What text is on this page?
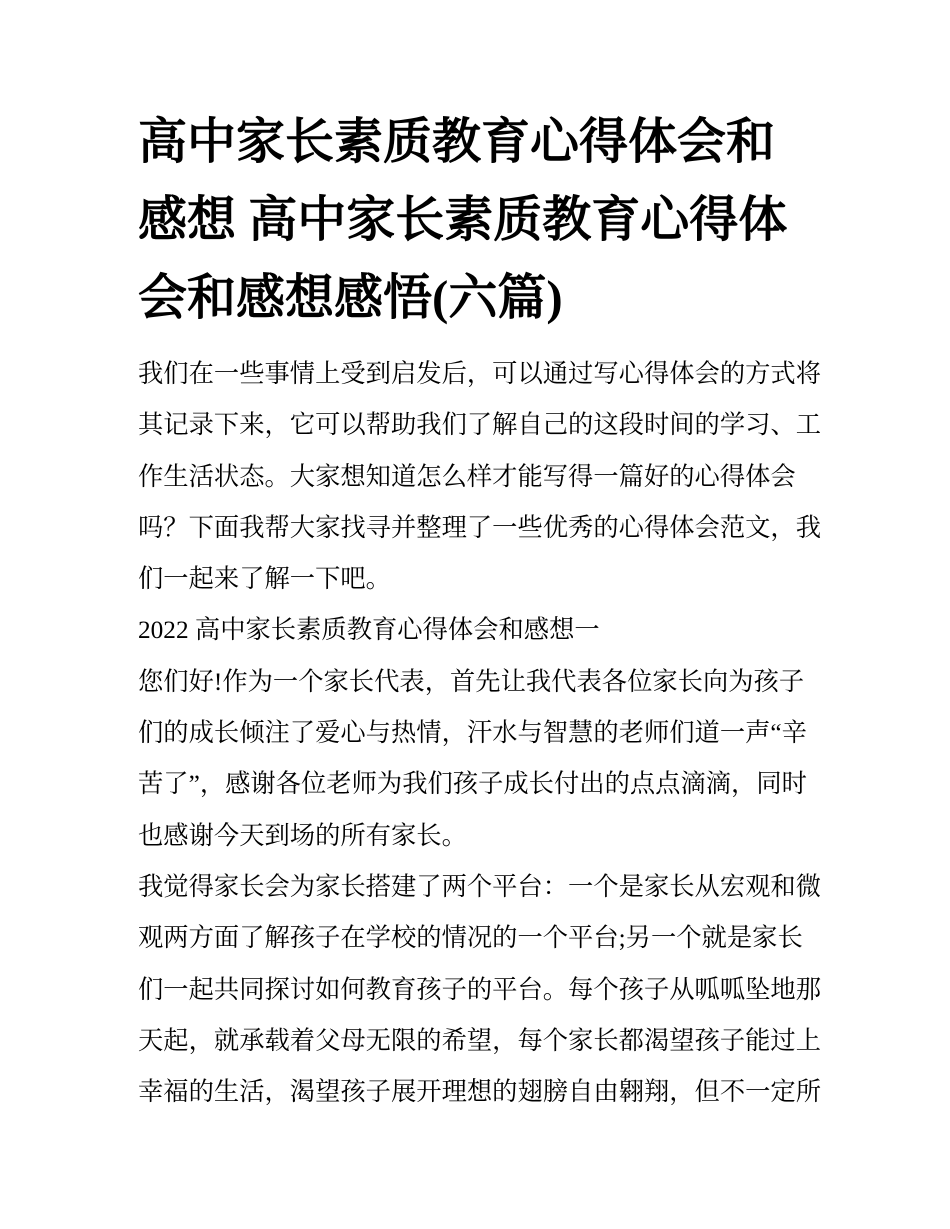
高中家长素质教育心得体会和
感想 高中家长素质教育心得体
会和感想感悟(六篇)

我们在一些事情上受到启发后，可以通过写心得体会的方式将
其记录下来，它可以帮助我们了解自己的这段时间的学习、工
作生活状态。大家想知道怎么样才能写得一篇好的心得体会
吗？下面我帮大家找寻并整理了一些优秀的心得体会范文，我
们一起来了解一下吧。

2022 高中家长素质教育心得体会和感想一

您们好!作为一个家长代表，首先让我代表各位家长向为孩子
们的成长倾注了爱心与热情，汗水与智慧的老师们道一声“辛
苦了”，感谢各位老师为我们孩子成长付出的点点滴滴，同时
也感谢今天到场的所有家长。

我觉得家长会为家长搭建了两个平台：一个是家长从宏观和微
观两方面了解孩子在学校的情况的一个平台;另一个就是家长
们一起共同探讨如何教育孩子的平台。每个孩子从呱呱坠地那
天起，就承载着父母无限的希望，每个家长都渴望孩子能过上
幸福的生活，渴望孩子展开理想的翅膀自由翱翔，但不一定所
